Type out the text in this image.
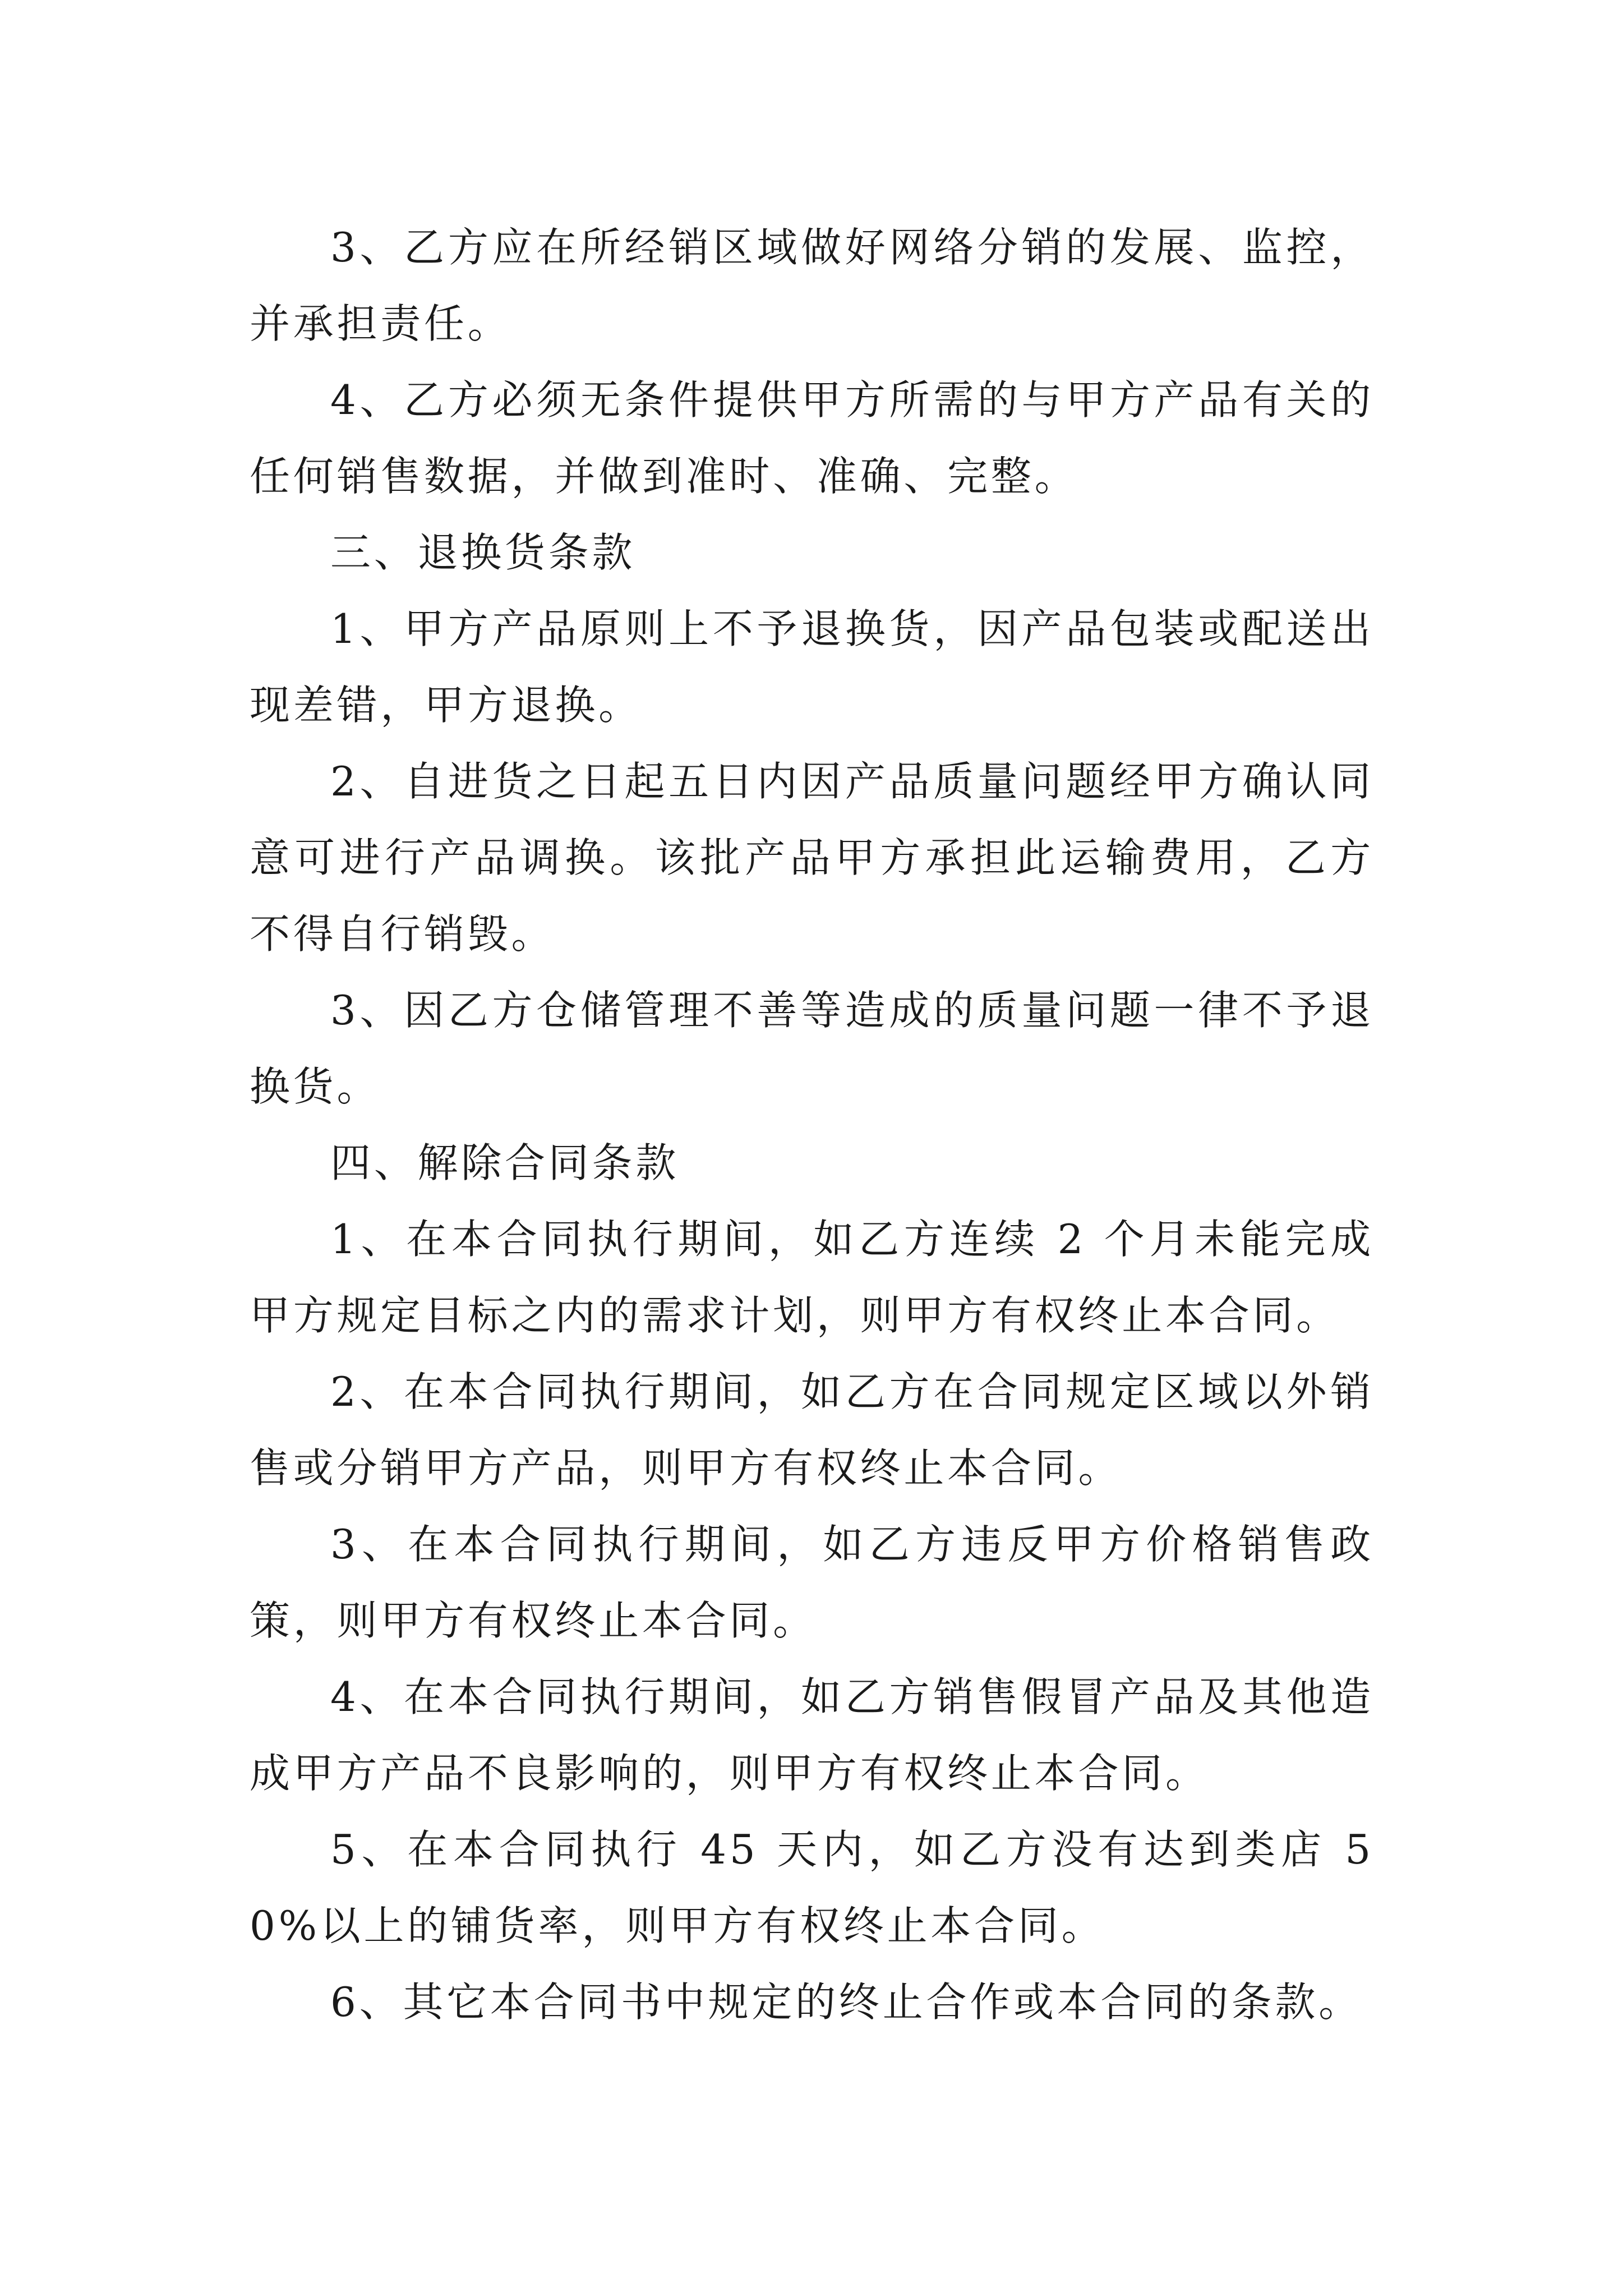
3、乙方应在所经销区域做好网络分销的发展、监控，并承担责任。

4、乙方必须无条件提供甲方所需的与甲方产品有关的任何销售数据，并做到准时、准确、完整。

三、退换货条款

1、甲方产品原则上不予退换货，因产品包装或配送出现差错，甲方退换。

2、自进货之日起五日内因产品质量问题经甲方确认同意可进行产品调换。该批产品甲方承担此运输费用，乙方不得自行销毁。

3、因乙方仓储管理不善等造成的质量问题一律不予退换货。

四、解除合同条款

1、在本合同执行期间，如乙方连续 2 个月未能完成甲方规定目标之内的需求计划，则甲方有权终止本合同。

2、在本合同执行期间，如乙方在合同规定区域以外销售或分销甲方产品，则甲方有权终止本合同。

3、在本合同执行期间，如乙方违反甲方价格销售政策，则甲方有权终止本合同。

4、在本合同执行期间，如乙方销售假冒产品及其他造成甲方产品不良影响的，则甲方有权终止本合同。

5、在本合同执行 45 天内，如乙方没有达到类店 50%以上的铺货率，则甲方有权终止本合同。

6、其它本合同书中规定的终止合作或本合同的条款。
